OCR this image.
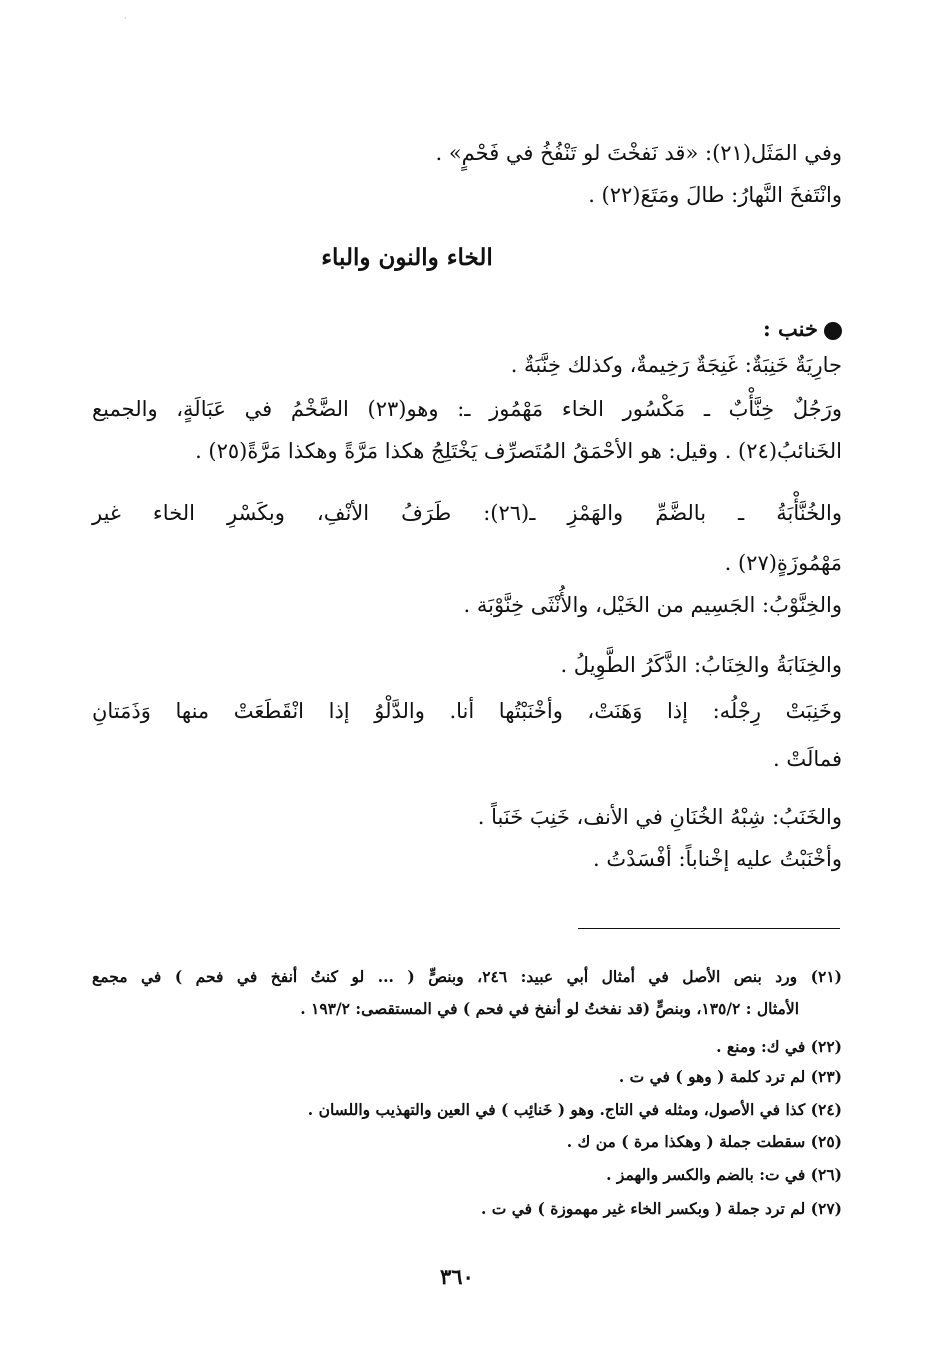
·
وفي المَثَل(٢١): «قد نَفخْتَ لو تَنْفُخُ في فَحْمٍ» .
وانْتَفخَ النَّهارُ: طالَ ومَتَعَ(٢٢) .
الخاء والنون والباء
خنب :
جارِيَةٌ خَنِبَةٌ: غَنِجَةٌ رَخِيمةٌ، وكذلك خِنَّبَةٌ .
ورَجُلٌ خِنَّأْبٌ ـ مَكْسُور الخاء مَهْمُوز ـ: وهو(٢٣) الضَّخْمُ في عَبَالَةٍ، والجميع
الخَنائبُ(٢٤) . وقيل: هو الأحْمَقُ المُتَصرِّف يَخْتَلِجُ هكذا مَرَّةً وهكذا مَرَّةً(٢٥) .
والخُنَّأْبَةُ ـ بالضَّمِّ والهَمْزِ ـ(٢٦): طَرَفُ الأنْفِ، وبكَسْرِ الخاء غير
مَهْمُوزَةٍ(٢٧) .
والخِنَّوْبُ: الجَسِيم من الخَيْل، والأُنْثَى خِنَّوْبَة .
والخِنَابَةُ والخِنَابُ: الذَّكَرُ الطَّوِيلُ .
وخَنِبَتْ رِجْلُه: إذا وَهَنَتْ، وأخْنَبْتُها أنا. والدَّلْوُ إذا انْقَطَعَتْ منها وَذَمَتانِ
فمالَتْ .
والخَنَبُ: شِبْهُ الخُنَانِ في الأنف، خَنِبَ خَنَباً .
وأخْنَبْتُ عليه إخْناباً: أفْسَدْتُ .
(٢١) ورد بنص الأصل في أمثال أبي عبيد: ٢٤٦، وبنصٍّ ( ... لو كنتُ أنفخ في فحم ) في مجمع
الأمثال : ١٣٥/٢، وبنصٍّ (قد نفختُ لو أنفخ في فحم ) في المستقصى: ١٩٣/٢ .
(٢٢) في ك: ومنع .
(٢٣) لم ترد كلمة ( وهو ) في ت .
(٢٤) كذا في الأصول، ومثله في التاج. وهو ( خَنائِب ) في العين والتهذيب واللسان .
(٢٥) سقطت جملة ( وهكذا مرة ) من ك .
(٢٦) في ت: بالضم والكسر والهمز .
(٢٧) لم ترد جملة ( وبكسر الخاء غير مهموزة ) في ت .
٣٦٠
